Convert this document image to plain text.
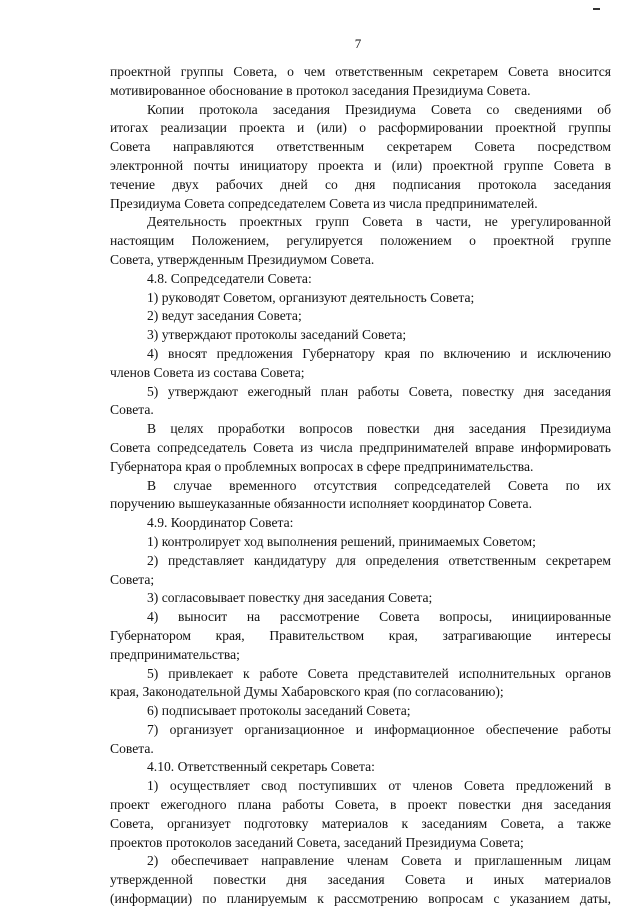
7
проектной группы Совета, о чем ответственным секретарем Совета вносится
мотивированное обоснование в протокол заседания Президиума Совета.
Копии протокола заседания Президиума Совета со сведениями об
итогах реализации проекта и (или) о расформировании проектной группы
Совета направляются ответственным секретарем Совета посредством
электронной почты инициатору проекта и (или) проектной группе Совета в
течение двух рабочих дней со дня подписания протокола заседания
Президиума Совета сопредседателем Совета из числа предпринимателей.
Деятельность проектных групп Совета в части, не урегулированной
настоящим Положением, регулируется положением о проектной группе
Совета, утвержденным Президиумом Совета.
4.8. Сопредседатели Совета:
1) руководят Советом, организуют деятельность Совета;
2) ведут заседания Совета;
3) утверждают протоколы заседаний Совета;
4) вносят предложения Губернатору края по включению и исключению
членов Совета из состава Совета;
5) утверждают ежегодный план работы Совета, повестку дня заседания
Совета.
В целях проработки вопросов повестки дня заседания Президиума
Совета сопредседатель Совета из числа предпринимателей вправе информировать
Губернатора края о проблемных вопросах в сфере предпринимательства.
В случае временного отсутствия сопредседателей Совета по их
поручению вышеуказанные обязанности исполняет координатор Совета.
4.9. Координатор Совета:
1) контролирует ход выполнения решений, принимаемых Советом;
2) представляет кандидатуру для определения ответственным секретарем
Совета;
3) согласовывает повестку дня заседания Совета;
4) выносит на рассмотрение Совета вопросы, инициированные
Губернатором края, Правительством края, затрагивающие интересы
предпринимательства;
5) привлекает к работе Совета представителей исполнительных органов
края, Законодательной Думы Хабаровского края (по согласованию);
6) подписывает протоколы заседаний Совета;
7) организует организационное и информационное обеспечение работы
Совета.
4.10. Ответственный секретарь Совета:
1) осуществляет свод поступивших от членов Совета предложений в
проект ежегодного плана работы Совета, в проект повестки дня заседания
Совета, организует подготовку материалов к заседаниям Совета, а также
проектов протоколов заседаний Совета, заседаний Президиума Совета;
2) обеспечивает направление членам Совета и приглашенным лицам
утвержденной повестки дня заседания Совета и иных материалов
(информации) по планируемым к рассмотрению вопросам с указанием даты,
